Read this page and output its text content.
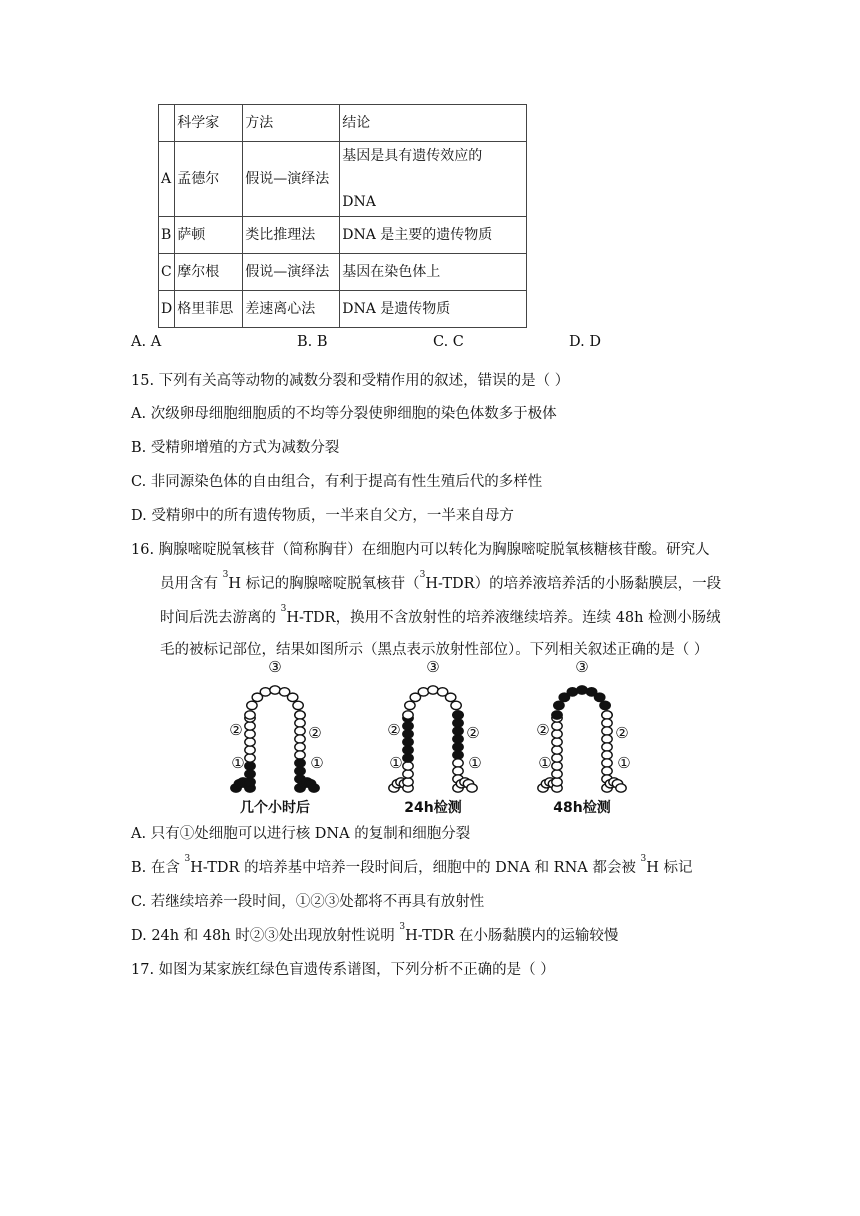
	科学家	方法	结论
A	孟德尔	假说—演绎法	基因是具有遗传效应的

DNA
B	萨顿	类比推理法	DNA 是主要的遗传物质
C	摩尔根	假说—演绎法	基因在染色体上
D	格里菲思	差速离心法	DNA 是遗传物质
A. A	B. B	C. C	D. D
15. 下列有关高等动物的减数分裂和受精作用的叙述，错误的是（ ）
A. 次级卵母细胞细胞质的不均等分裂使卵细胞的染色体数多于极体
B. 受精卵增殖的方式为减数分裂
C. 非同源染色体的自由组合，有利于提高有性生殖后代的多样性
D. 受精卵中的所有遗传物质，一半来自父方，一半来自母方
16. 胸腺嘧啶脱氧核苷（简称胸苷）在细胞内可以转化为胸腺嘧啶脱氧核糖核苷酸。研究人
员用含有 $^3$H 标记的胸腺嘧啶脱氧核苷（$^3$H-TDR）的培养液培养活的小肠黏膜层，一段
时间后洗去游离的 $^3$H-TDR，换用不含放射性的培养液继续培养。连续 48h 检测小肠绒
毛的被标记部位，结果如图所示（黑点表示放射性部位）。下列相关叙述正确的是（ ）
③
②	②
①	①
几个小时后
③
②	②
①	①
24h检测
③
②	②
①	①
48h检测
A. 只有①处细胞可以进行核 DNA 的复制和细胞分裂
B. 在含 $^3$H-TDR 的培养基中培养一段时间后，细胞中的 DNA 和 RNA 都会被 $^3$H 标记
C. 若继续培养一段时间，①②③处都将不再具有放射性
D. 24h 和 48h 时②③处出现放射性说明 $^3$H-TDR 在小肠黏膜内的运输较慢
17. 如图为某家族红绿色盲遗传系谱图，下列分析不正确的是（ ）
